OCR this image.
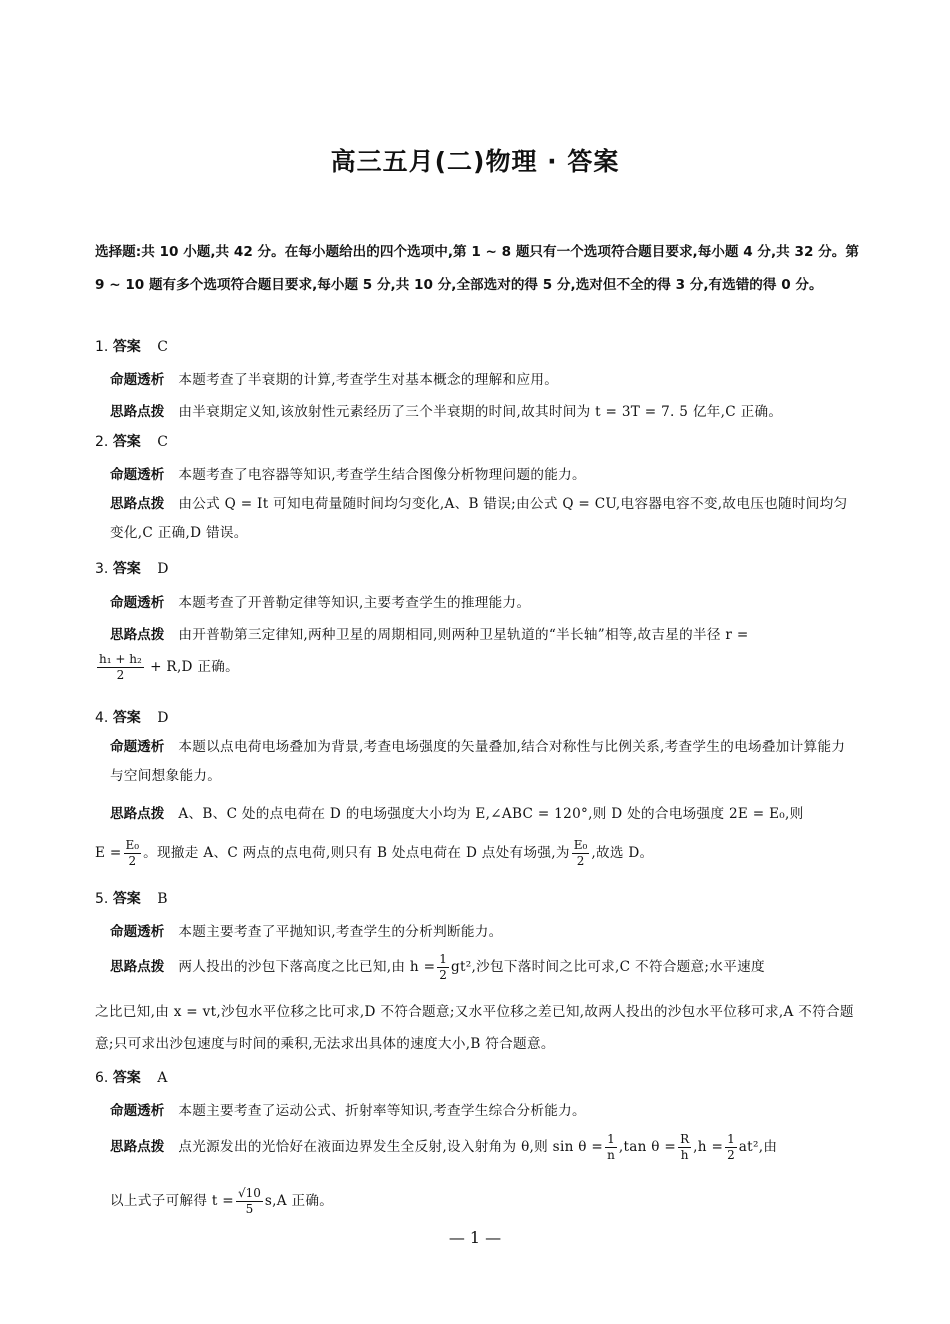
高三五月(二)物理 · 答案
选择题:共 10 小题,共 42 分。在每小题给出的四个选项中,第 1 ~ 8 题只有一个选项符合题目要求,每小题 4 分,共 32 分。第 9 ~ 10 题有多个选项符合题目要求,每小题 5 分,共 10 分,全部选对的得 5 分,选对但不全的得 3 分,有选错的得 0 分。
1. 答案 C
命题透析 本题考查了半衰期的计算,考查学生对基本概念的理解和应用。
思路点拨 由半衰期定义知,该放射性元素经历了三个半衰期的时间,故其时间为 t = 3T = 7. 5 亿年,C 正确。
2. 答案 C
命题透析 本题考查了电容器等知识,考查学生结合图像分析物理问题的能力。
思路点拨 由公式 Q = It 可知电荷量随时间均匀变化,A、B 错误;由公式 Q = CU,电容器电容不变,故电压也随时间均匀变化,C 正确,D 错误。
3. 答案 D
命题透析 本题考查了开普勒定律等知识,主要考查学生的推理能力。
思路点拨 由开普勒第三定律知,两种卫星的周期相同,则两种卫星轨道的“半长轴”相等,故吉星的半径 r =
$\frac{\text{h₁ + h₂}}{2} + R,D$ 正确。
4. 答案 D
命题透析 本题以点电荷电场叠加为背景,考查电场强度的矢量叠加,结合对称性与比例关系,考查学生的电场叠加计算能力与空间想象能力。
思路点拨 A、B、C 处的点电荷在 D 的电场强度大小均为 E,∠ABC = 120°,则 D 处的合电场强度 2E = E₀,则
$E = \frac{\text{E₀}}{2}$ 。现撤走 A、C 两点的点电荷,则只有 B 处点电荷在 D 点处有场强,为 $\frac{\text{E₀}}{2}$ ,故选 D。
5. 答案 B
命题透析 本题主要考查了平抛知识,考查学生的分析判断能力。
思路点拨 两人投出的沙包下落高度之比已知,由 $h = \frac{1}{2} gt^2$,沙包下落时间之比可求,C 不符合题意;水平速度
之比已知,由 x = vt,沙包水平位移之比可求,D 不符合题意;又水平位移之差已知,故两人投出的沙包水平位移可求,A 不符合题意;只可求出沙包速度与时间的乘积,无法求出具体的速度大小,B 符合题意。
6. 答案 A
命题透析 本题主要考查了运动公式、折射率等知识,考查学生综合分析能力。
思路点拨 点光源发出的光恰好在液面边界发生全反射,设入射角为 θ,则 $\sin \theta = \frac{1}{n} ,\tan$ $\theta = \frac{R}{h} ,h = \frac{1}{2} at^2$,由
以上式子可解得 $t = \frac{√10}{5} s,A$ 正确。
— 1 —
